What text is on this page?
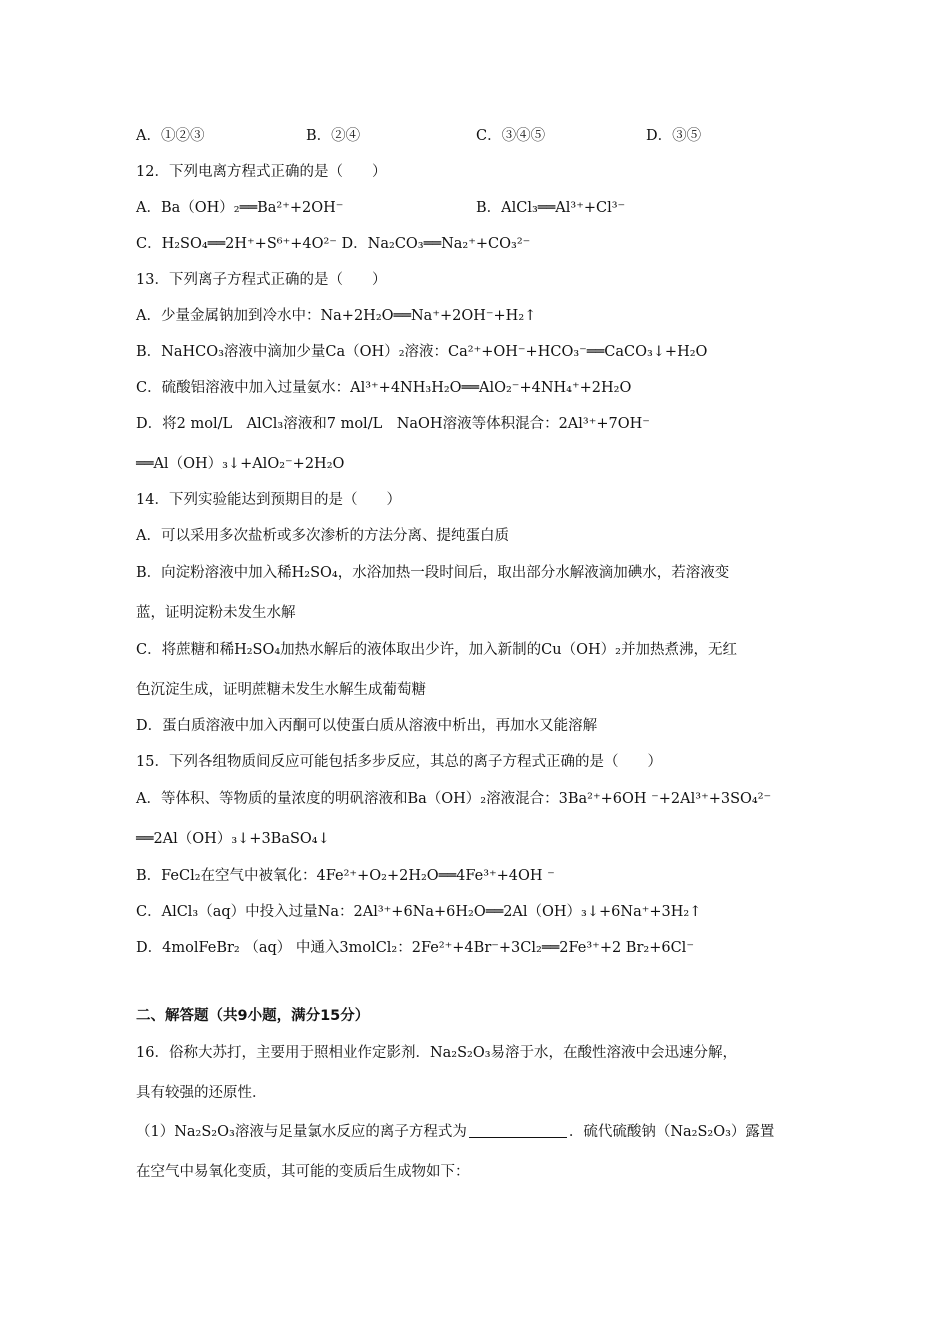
A．①②③	B．②④	C．③④⑤	D．③⑤
12．下列电离方程式正确的是（　　）
A．Ba（OH）₂══Ba²⁺+2OH⁻	B．AlCl₃══Al³⁺+Cl³⁻
C．H₂SO₄══2H⁺+S⁶⁺+4O²⁻ D．Na₂CO₃══Na₂⁺+CO₃²⁻
13．下列离子方程式正确的是（　　）
A．少量金属钠加到冷水中：Na+2H₂O══Na⁺+2OH⁻+H₂↑
B．NaHCO₃溶液中滴加少量Ca（OH）₂溶液：Ca²⁺+OH⁻+HCO₃⁻══CaCO₃↓+H₂O
C．硫酸铝溶液中加入过量氨水：Al³⁺+4NH₃H₂O══AlO₂⁻+4NH₄⁺+2H₂O
D．将2 mol/L　AlCl₃溶液和7 mol/L　NaOH溶液等体积混合：2Al³⁺+7OH⁻
══Al（OH）₃↓+AlO₂⁻+2H₂O
14．下列实验能达到预期目的是（　　）
A．可以采用多次盐析或多次渗析的方法分离、提纯蛋白质
B．向淀粉溶液中加入稀H₂SO₄，水浴加热一段时间后，取出部分水解液滴加碘水，若溶液变
蓝，证明淀粉未发生水解
C．将蔗糖和稀H₂SO₄加热水解后的液体取出少许，加入新制的Cu（OH）₂并加热煮沸，无红
色沉淀生成，证明蔗糖未发生水解生成葡萄糖
D．蛋白质溶液中加入丙酮可以使蛋白质从溶液中析出，再加水又能溶解
15．下列各组物质间反应可能包括多步反应，其总的离子方程式正确的是（　　）
A．等体积、等物质的量浓度的明矾溶液和Ba（OH）₂溶液混合：3Ba²⁺+6OH ⁻+2Al³⁺+3SO₄²⁻
══2Al（OH）₃↓+3BaSO₄↓
B．FeCl₂在空气中被氧化：4Fe²⁺+O₂+2H₂O══4Fe³⁺+4OH ⁻
C．AlCl₃（aq）中投入过量Na：2Al³⁺+6Na+6H₂O══2Al（OH）₃↓+6Na⁺+3H₂↑
D．4molFeBr₂ （aq） 中通入3molCl₂：2Fe²⁺+4Br⁻+3Cl₂══2Fe³⁺+2 Br₂+6Cl⁻
二、解答题（共9小题，满分15分）
16．俗称大苏打，主要用于照相业作定影剂．Na₂S₂O₃易溶于水，在酸性溶液中会迅速分解，
具有较强的还原性．
（1）Na₂S₂O₃溶液与足量氯水反应的离子方程式为	．硫代硫酸钠（Na₂S₂O₃）露置
在空气中易氧化变质，其可能的变质后生成物如下：
